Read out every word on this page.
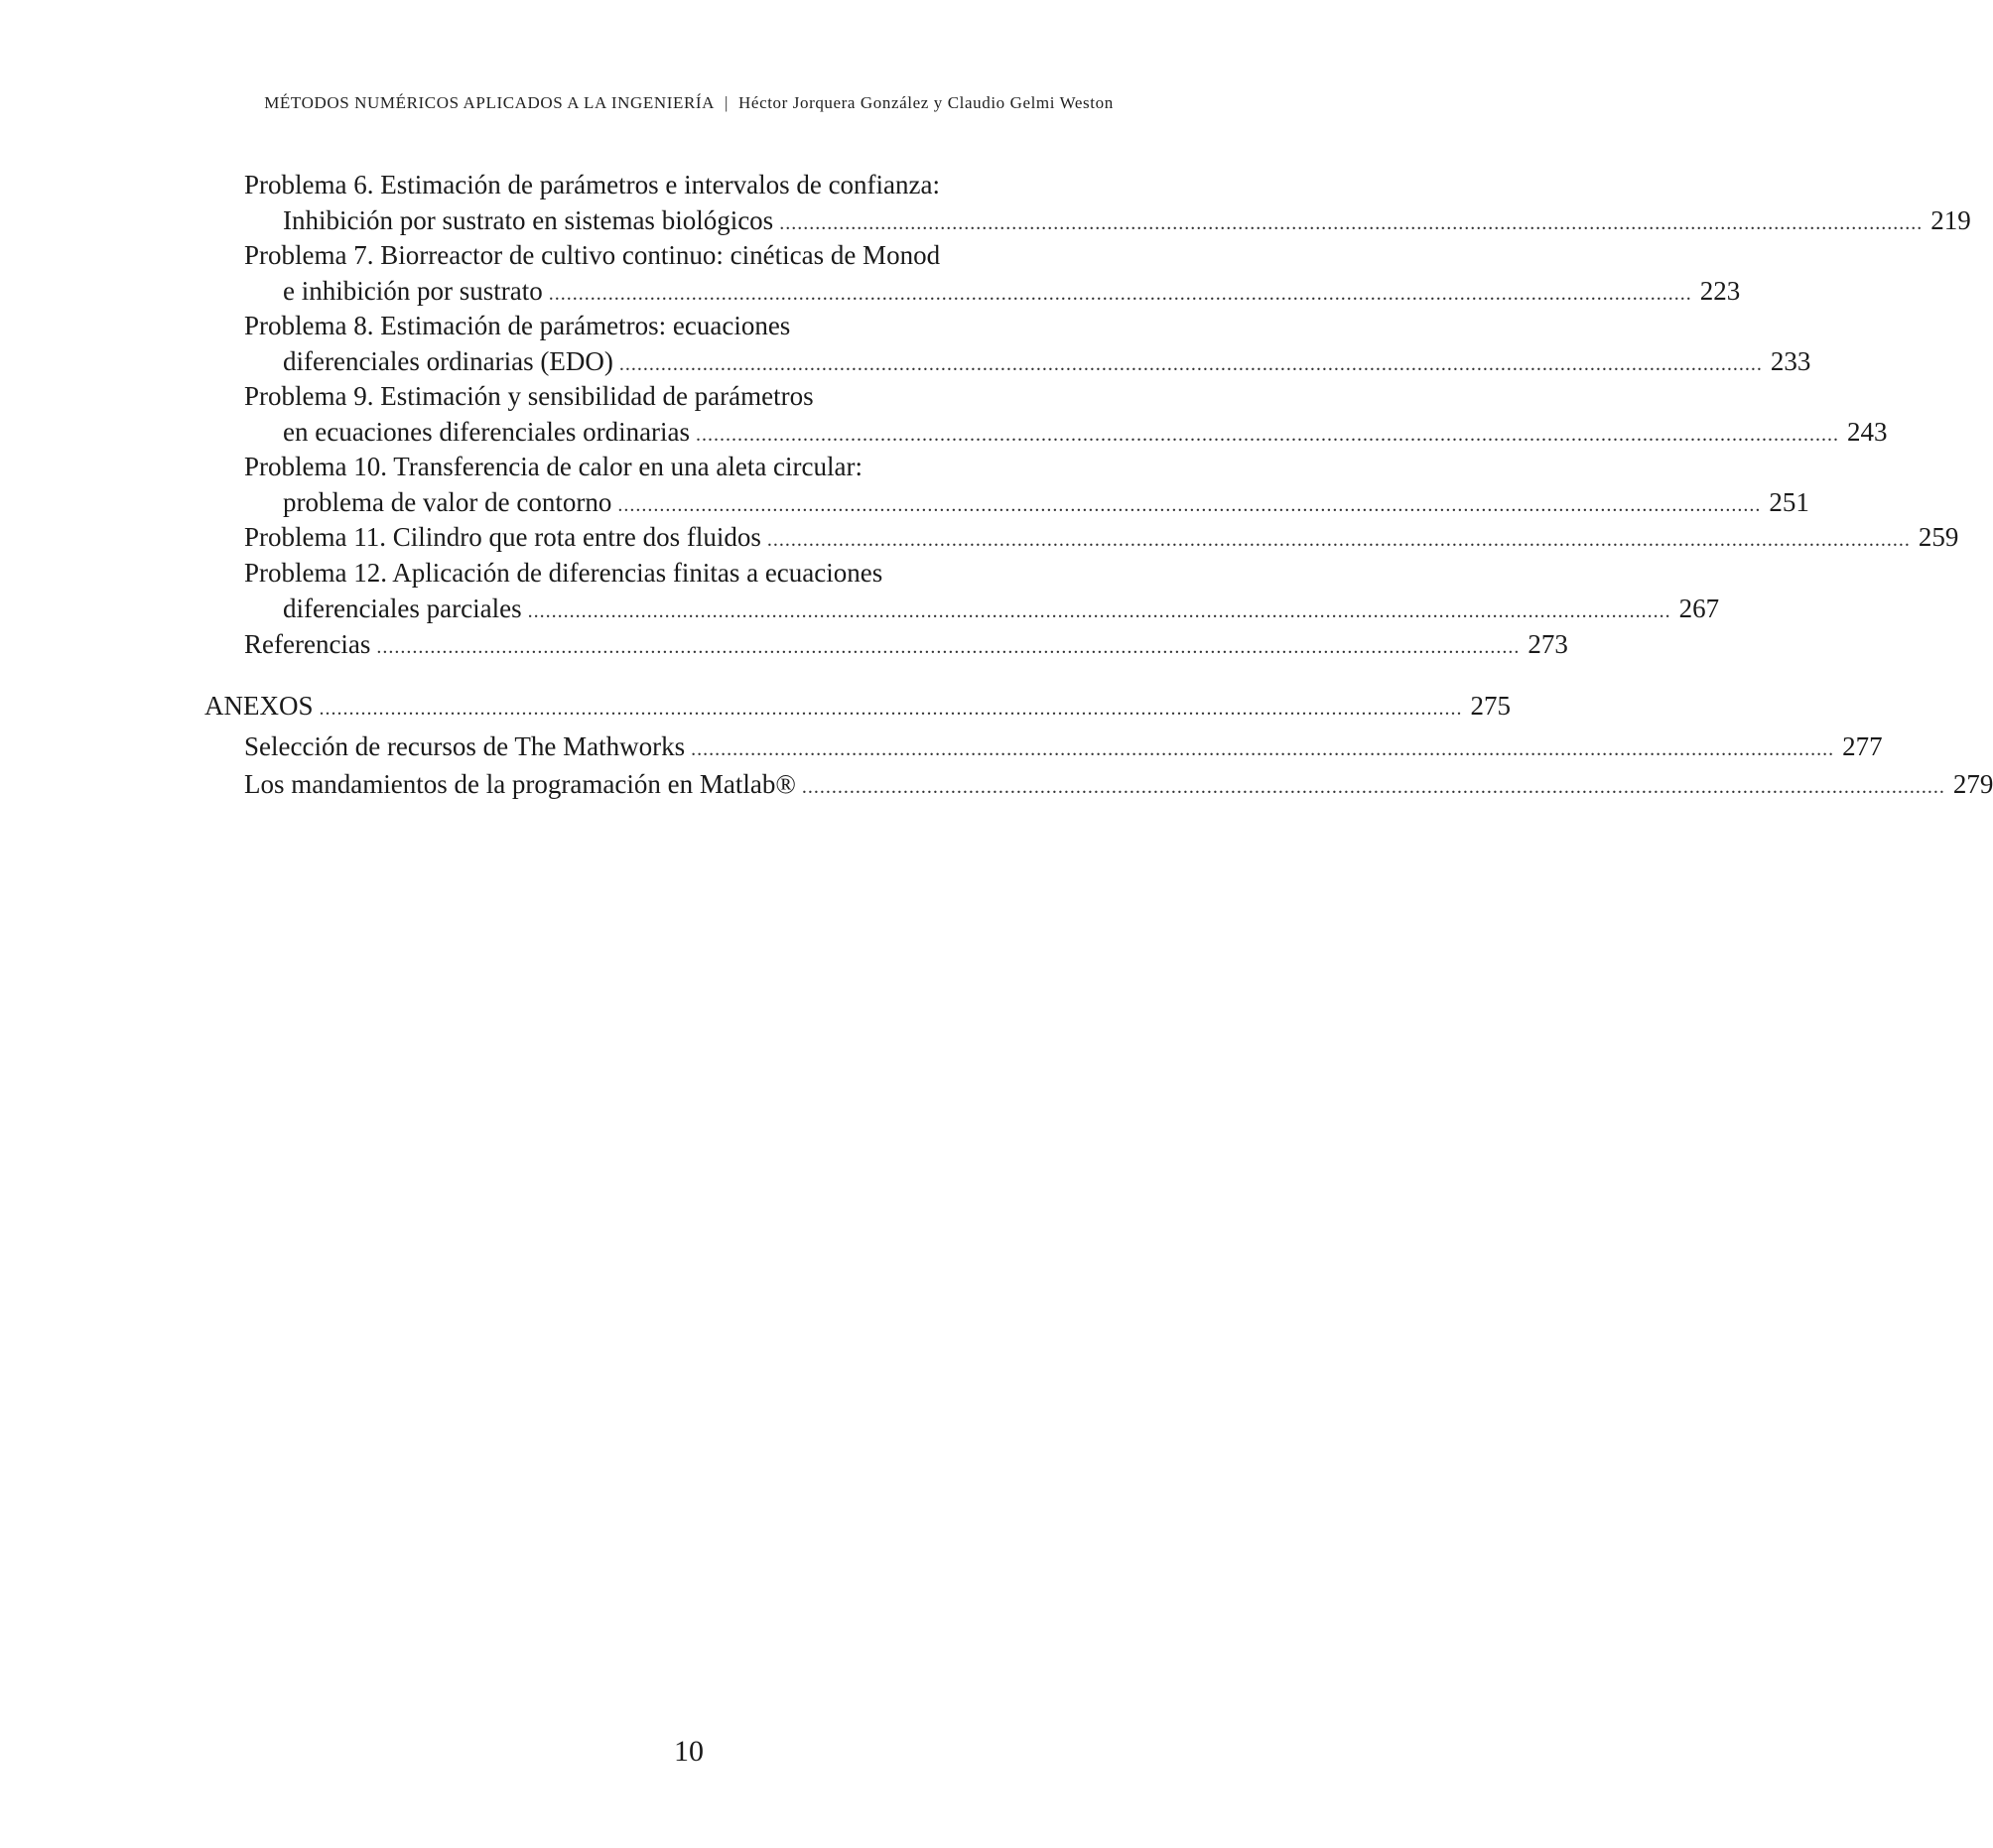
MÉTODOS NUMÉRICOS APLICADOS A LA INGENIERÍA | Héctor Jorquera González y Claudio Gelmi Weston
Problema 6. Estimación de parámetros e intervalos de confianza:
Inhibición por sustrato en sistemas biológicos ................................................................................................................................................................................................ 219
Problema 7. Biorreactor de cultivo continuo: cinéticas de Monod
e inhibición por sustrato ................................................................................................................................................................................................ 223
Problema 8. Estimación de parámetros: ecuaciones
diferenciales ordinarias (EDO) ................................................................................................................................................................................................ 233
Problema 9. Estimación y sensibilidad de parámetros
en ecuaciones diferenciales ordinarias ................................................................................................................................................................................................ 243
Problema 10. Transferencia de calor en una aleta circular:
problema de valor de contorno ................................................................................................................................................................................................ 251
Problema 11. Cilindro que rota entre dos fluidos ................................................................................................................................................................................................ 259
Problema 12. Aplicación de diferencias finitas a ecuaciones
diferenciales parciales ................................................................................................................................................................................................ 267
Referencias ................................................................................................................................................................................................ 273
ANEXOS ................................................................................................................................................................................................ 275
Selección de recursos de The Mathworks ................................................................................................................................................................................................ 277
Los mandamientos de la programación en Matlab® ................................................................................................................................................................................................ 279
10
